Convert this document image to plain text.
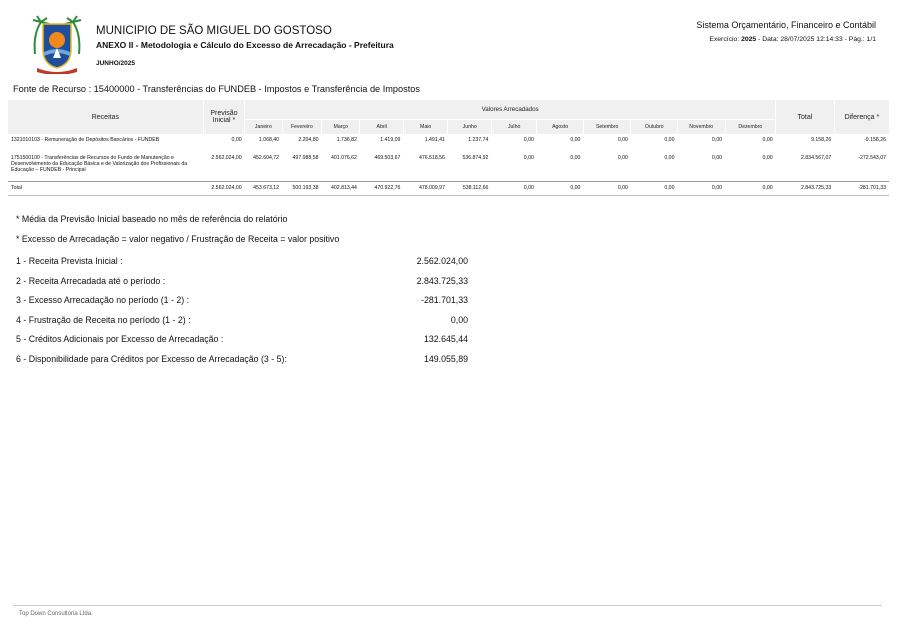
MUNICIPIO DE SÃO MIGUEL DO GOSTOSO
ANEXO II - Metodologia e Cálculo do Excesso de Arrecadação - Prefeitura
JUNHO/2025
Sistema Orçamentário, Financeiro e Contábil
Exercício: 2025 - Data: 28/07/2025 12:14:33 - Pág.: 1/1
Fonte de Recurso : 15400000 - Transferências do FUNDEB - Impostos e Transferência de Impostos
Receitas	Previsão Inicial *	Valores Arrecadados												Total	Diferença *
		Janeiro	Fevereiro	Março	Abril	Maio	Junho	Julho	Agosto	Setembro	Outubro	Novembro	Dezembro		
1321010103 - Remuneração de Depósitos Bancários - FUNDEB	0,00	1.068,40	2.204,80	1.736,82	1.419,09	1.491,41	1.237,74	0,00	0,00	0,00	0,00	0,00	0,00	9.158,26	-9.158,26
1751500100 - Transferências de Recursos do Fundo de Manutenção e Desenvolvimento da Educação Básica e de Valorização dos Profissionais da Educação – FUNDEB - Principal	2.562.024,00	452.604,72	497.988,58	401.076,62	469.503,67	476.518,56	536.874,92	0,00	0,00	0,00	0,00	0,00	0,00	2.834.567,07	-272.543,07
Total	2.562.024,00	453.673,12	500.193,38	402.813,44	470.922,76	478.009,97	538.112,66	0,00	0,00	0,00	0,00	0,00	0,00	2.843.725,33	-281.701,33
* Média da Previsão Inicial baseado no mês de referência do relatório
* Excesso de Arrecadação = valor negativo / Frustração de Receita = valor positivo
1 - Receita Prevista Inicial :	2.562.024,00
2 - Receita Arrecadada até o período :	2.843.725,33
3 - Excesso Arrecadação no período (1 - 2) :	-281.701,33
4 - Frustração de Receita no período (1 - 2) :	0,00
5 - Créditos Adicionais por Excesso de Arrecadação :	132.645,44
6 - Disponibilidade para Créditos por Excesso de Arrecadação (3 - 5):	149.055,89
Top Down Consultoria Ltda.
